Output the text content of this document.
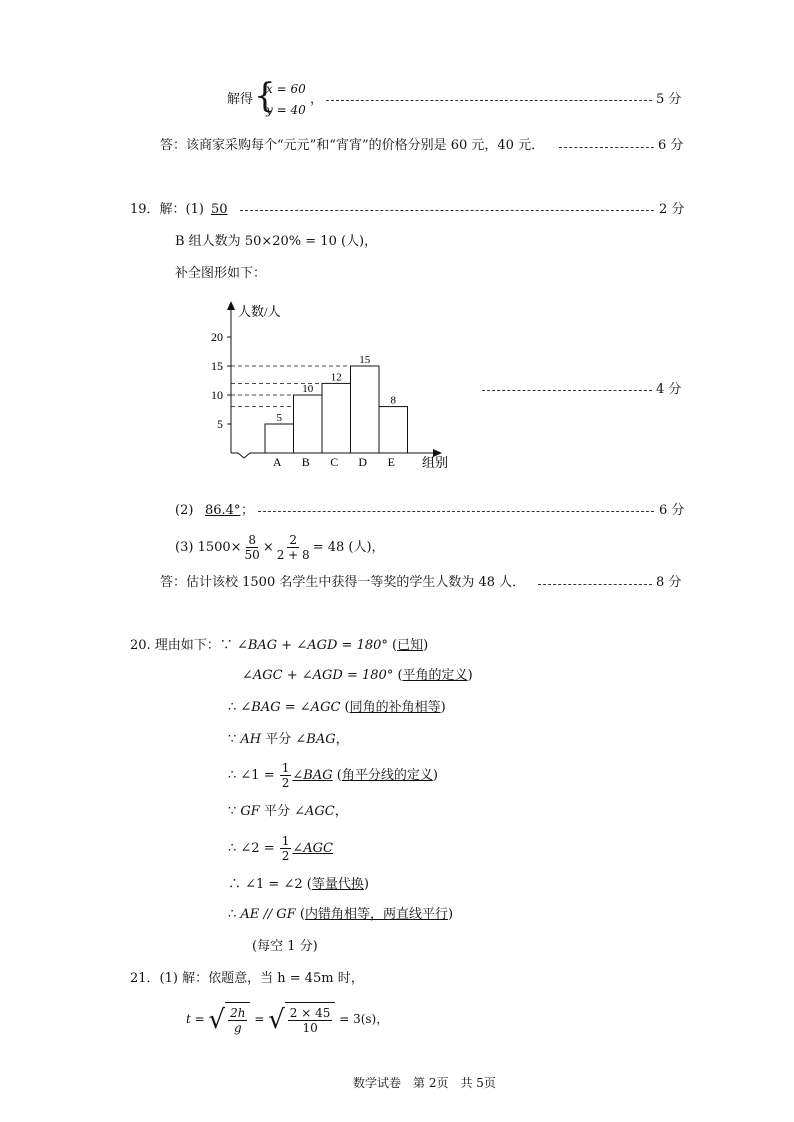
解得 {
x = 60
y = 40
，	5 分
答：该商家采购每个“元元”和“宵宵”的价格分别是 60 元，40 元．	6 分
19．解：(1) 50	2 分
B 组人数为 50×20% = 10 (人)，
补全图形如下：
5
10
15
20
A B C D E
5
10
12
15
8
人数/人
组别
4 分
(2) 86.4° ；	6 分
(3) $1500\times \frac{8}{50} \times \frac{2}{2 + 8} = 48$ (人)，
答：估计该校 1500 名学生中获得一等奖的学生人数为 48 人．	8 分
20. 理由如下：∵ ∠BAG + ∠AGD = 180° (已知)
∠AGC + ∠AGD = 180° (平角的定义)
∴ ∠BAG = ∠AGC (同角的补角相等)
∵ AH 平分 ∠BAG，
∴ ∠1 = $\frac{1}{2}$ ∠BAG (角平分线的定义)
∵ GF 平分 ∠AGC，
∴ ∠2 = $\frac{1}{2}$ ∠AGC
∴ ∠1 = ∠2 (等量代换)
∴ AE // GF (内错角相等，两直线平行)
(每空 1 分)
21．(1) 解：依题意，当 h = 45m 时，
t = √ $\frac{2h}{g}$ = √ $\frac{2 \times 45}{10} = 3(s)$，
数学试卷　第 2页　共 5页
